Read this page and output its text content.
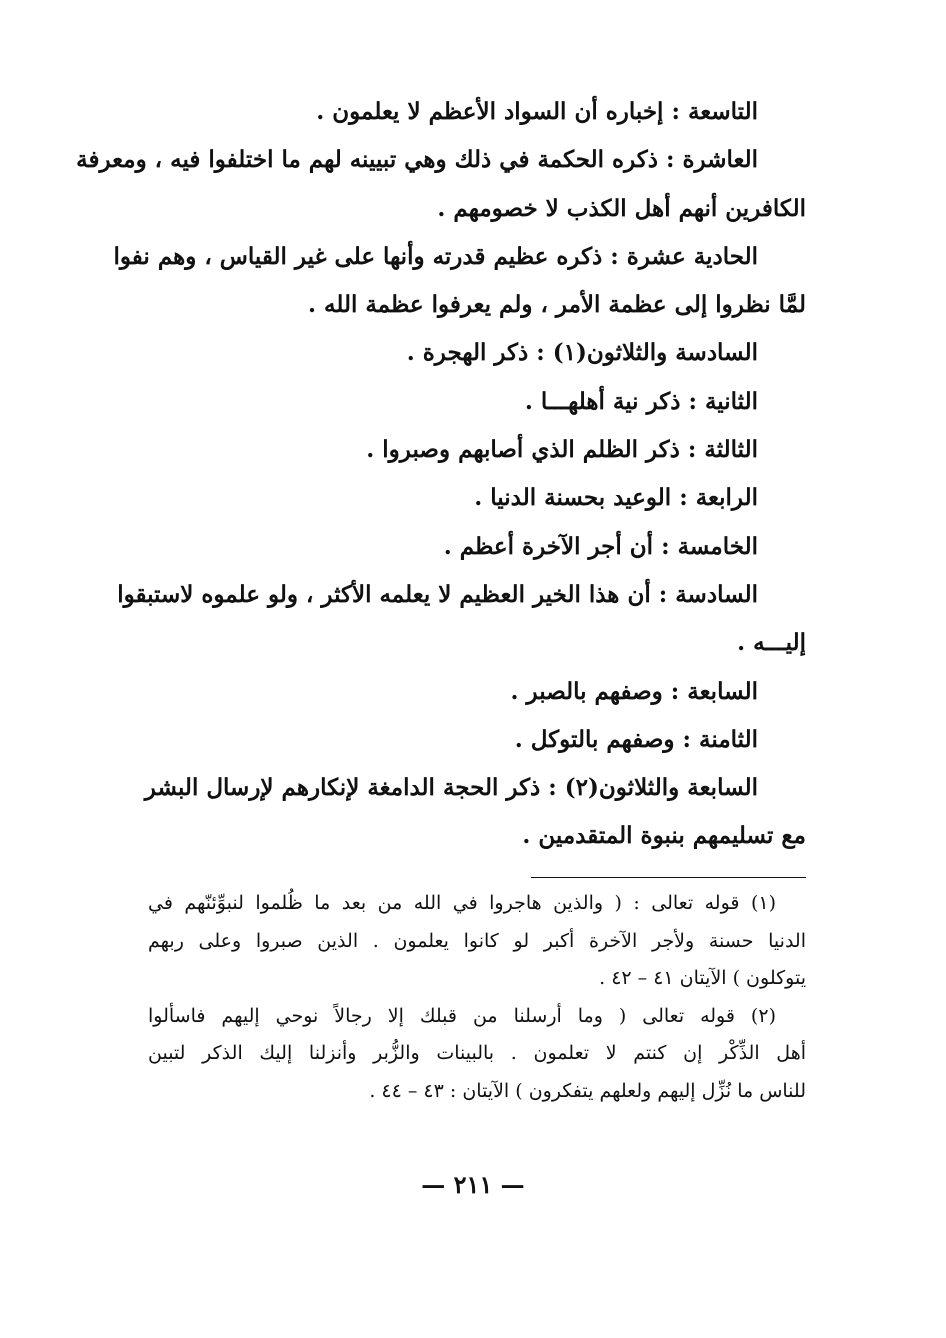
التاسعة : إخباره أن السواد الأعظم لا يعلمون .
العاشرة : ذكره الحكمة في ذلك وهي تبيينه لهم ما اختلفوا فيه ، ومعرفة
الكافرين أنهم أهل الكذب لا خصومهم .
الحادية عشرة : ذكره عظيم قدرته وأنها على غير القياس ، وهم نفوا
لمَّا نظروا إلى عظمة الأمر ، ولم يعرفوا عظمة الله .
السادسة والثلاثون(١) : ذكر الهجرة .
الثانية : ذكر نية أهلهـــا .
الثالثة : ذكر الظلم الذي أصابهم وصبروا .
الرابعة : الوعيد بحسنة الدنيا .
الخامسة : أن أجر الآخرة أعظم .
السادسة : أن هذا الخير العظيم لا يعلمه الأكثر ، ولو علموه لاستبقوا
إليـــه .
السابعة : وصفهم بالصبر .
الثامنة : وصفهم بالتوكل .
السابعة والثلاثون(٢) : ذكر الحجة الدامغة لإنكارهم لإرسال البشر
مع تسليمهم بنبوة المتقدمين .
(١) قوله تعالى : ( والذين هاجروا في الله من بعد ما ظُلموا لنبوِّئنّهم في
الدنيا حسنة ولأجر الآخرة أكبر لو كانوا يعلمون . الذين صبروا وعلى ربهم
يتوكلون ) الآيتان ٤١ – ٤٢ .
(٢) قوله تعالى ( وما أرسلنا من قبلك إلا رجالاً نوحي إليهم فاسألوا
أهل الذِّكْر إن كنتم لا تعلمون . بالبينات والزُّبر وأنزلنا إليك الذكر لتبين
للناس ما نُزِّل إليهم ولعلهم يتفكرون ) الآيتان : ٤٣ – ٤٤ .
— ٢١١ —
